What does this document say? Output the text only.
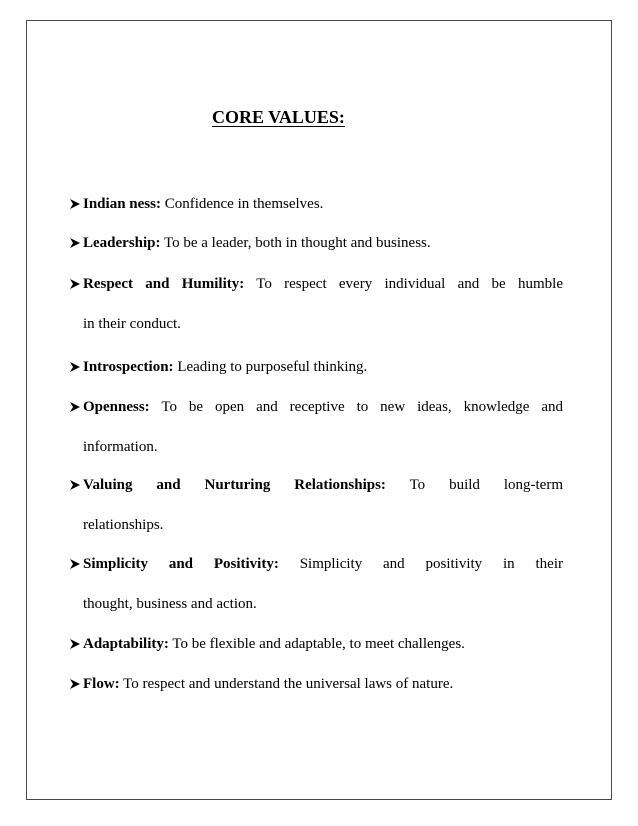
CORE VALUES:
Indian ness: Confidence in themselves.
Leadership: To be a leader, both in thought and business.
Respect and Humility: To respect every individual and be humble
in their conduct.
Introspection: Leading to purposeful thinking.
Openness: To be open and receptive to new ideas, knowledge and
information.
Valuing and Nurturing Relationships: To build long-term
relationships.
Simplicity and Positivity: Simplicity and positivity in their
thought, business and action.
Adaptability: To be flexible and adaptable, to meet challenges.
Flow: To respect and understand the universal laws of nature.
